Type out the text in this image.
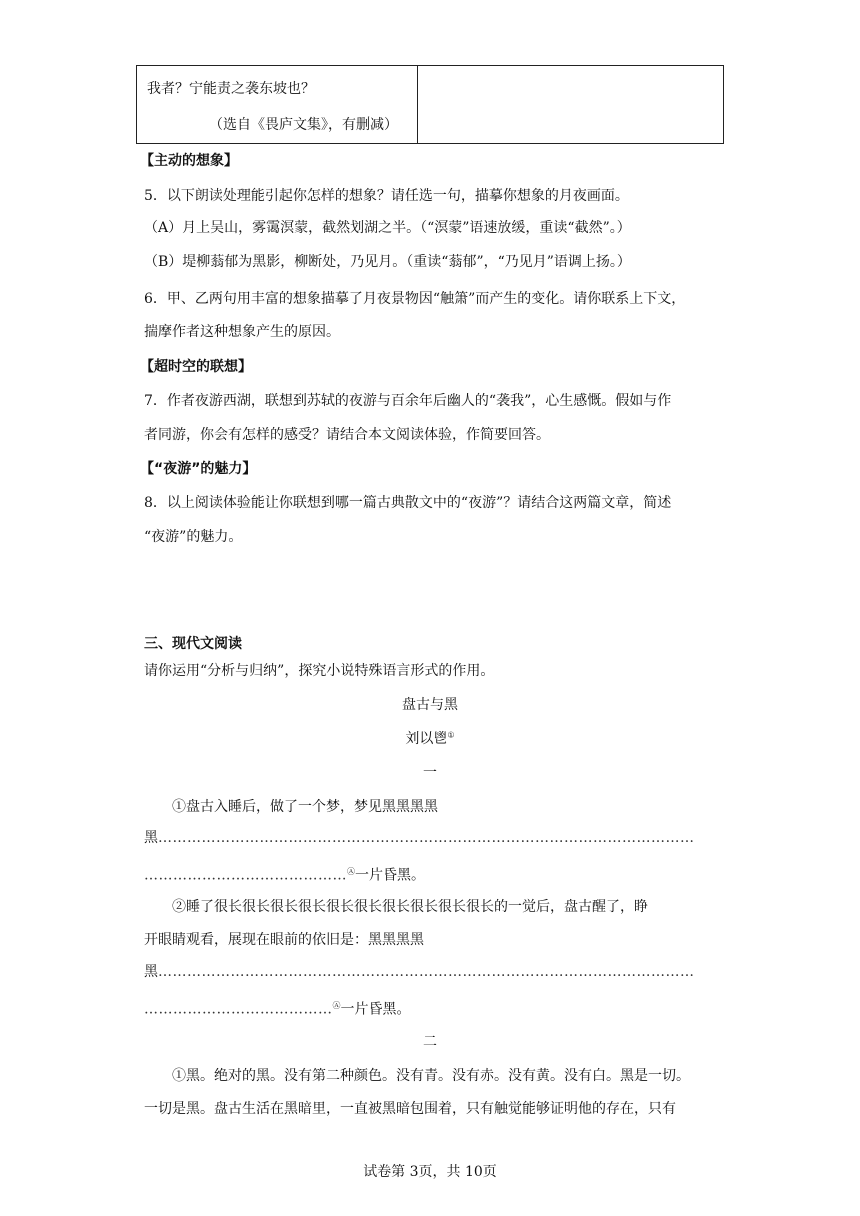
我者？宁能责之袭东坡也？
（选自《畏庐文集》，有删减）
【主动的想象】
5．以下朗读处理能引起你怎样的想象？请任选一句，描摹你想象的月夜画面。
（A）月上吴山，雾霭溟蒙，截然划湖之半。（“溟蒙”语速放缓，重读“截然”。）
（B）堤柳蓊郁为黑影，柳断处，乃见月。（重读“蓊郁”，“乃见月”语调上扬。）
6．甲、乙两句用丰富的想象描摹了月夜景物因“触箫”而产生的变化。请你联系上下文，
揣摩作者这种想象产生的原因。
【超时空的联想】
7．作者夜游西湖，联想到苏轼的夜游与百余年后幽人的“袭我”，心生感慨。假如与作
者同游，你会有怎样的感受？请结合本文阅读体验，作简要回答。
【“夜游”的魅力】
8．以上阅读体验能让你联想到哪一篇古典散文中的“夜游”？请结合这两篇文章，简述
“夜游”的魅力。
三、现代文阅读
请你运用“分析与归纳”，探究小说特殊语言形式的作用。
盘古与黑
刘以鬯①
一
①盘古入睡后，做了一个梦，梦见黑黑黑黑
黑…………………………………………………………………………………………………
……………………………………Ⓐ一片昏黑。
②睡了很长很长很长很长很长很长很长很长很长很长的一觉后，盘古醒了，睁
开眼睛观看，展现在眼前的依旧是：黑黑黑黑
黑…………………………………………………………………………………………………
…………………………………Ⓐ一片昏黑。
二
①黑。绝对的黑。没有第二种颜色。没有青。没有赤。没有黄。没有白。黑是一切。
一切是黑。盘古生活在黑暗里，一直被黑暗包围着，只有触觉能够证明他的存在，只有
试卷第 3页，共 10页
